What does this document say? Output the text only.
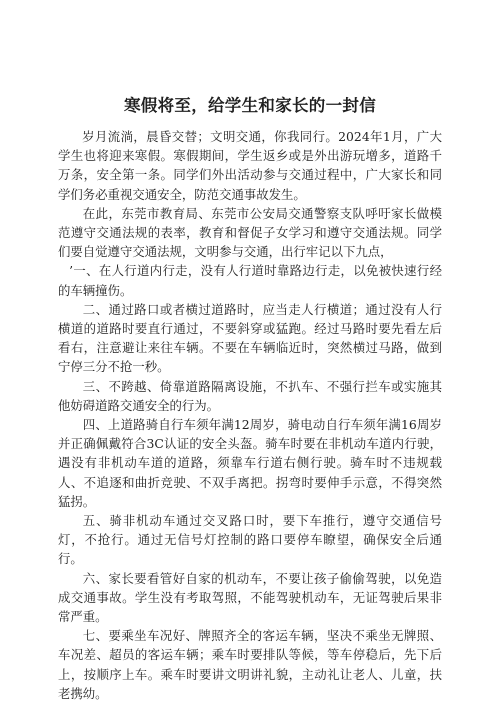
寒假将至，给学生和家长的一封信

岁月流淌，晨昏交替；文明交通，你我同行。2024年1月，广大学生也将迎来寒假。寒假期间，学生返乡或是外出游玩增多，道路千万条，安全第一条。同学们外出活动参与交通过程中，广大家长和同学们务必重视交通安全，防范交通事故发生。

在此，东莞市教育局、东莞市公安局交通警察支队呼吁家长做模范遵守交通法规的表率，教育和督促子女学习和遵守交通法规。同学们要自觉遵守交通法规，文明参与交通，出行牢记以下九点，

’一、在人行道内行走，没有人行道时靠路边行走，以免被快速行经的车辆撞伤。

二、通过路口或者横过道路时，应当走人行横道；通过没有人行横道的道路时要直行通过，不要斜穿或猛跑。经过马路时要先看左后看右，注意避让来往车辆。不要在车辆临近时，突然横过马路，做到宁停三分不抢一秒。

三、不跨越、倚靠道路隔离设施，不扒车、不强行拦车或实施其他妨碍道路交通安全的行为。

四、上道路骑自行车须年满12周岁，骑电动自行车须年满16周岁并正确佩戴符合3C认证的安全头盔。骑车时要在非机动车道内行驶，遇没有非机动车道的道路，须靠车行道右侧行驶。骑车时不违规载人、不追逐和曲折竞驶、不双手离把。拐弯时要伸手示意，不得突然猛拐。

五、骑非机动车通过交叉路口时，要下车推行，遵守交通信号灯，不抢行。通过无信号灯控制的路口要停车瞭望，确保安全后通行。

六、家长要看管好自家的机动车，不要让孩子偷偷驾驶，以免造成交通事故。学生没有考取驾照，不能驾驶机动车，无证驾驶后果非常严重。

七、要乘坐车况好、牌照齐全的客运车辆，坚决不乘坐无牌照、车况差、超员的客运车辆；乘车时要排队等候，等车停稳后，先下后上，按顺序上车。乘车时要讲文明讲礼貌，主动礼让老人、儿童，扶老携幼。
